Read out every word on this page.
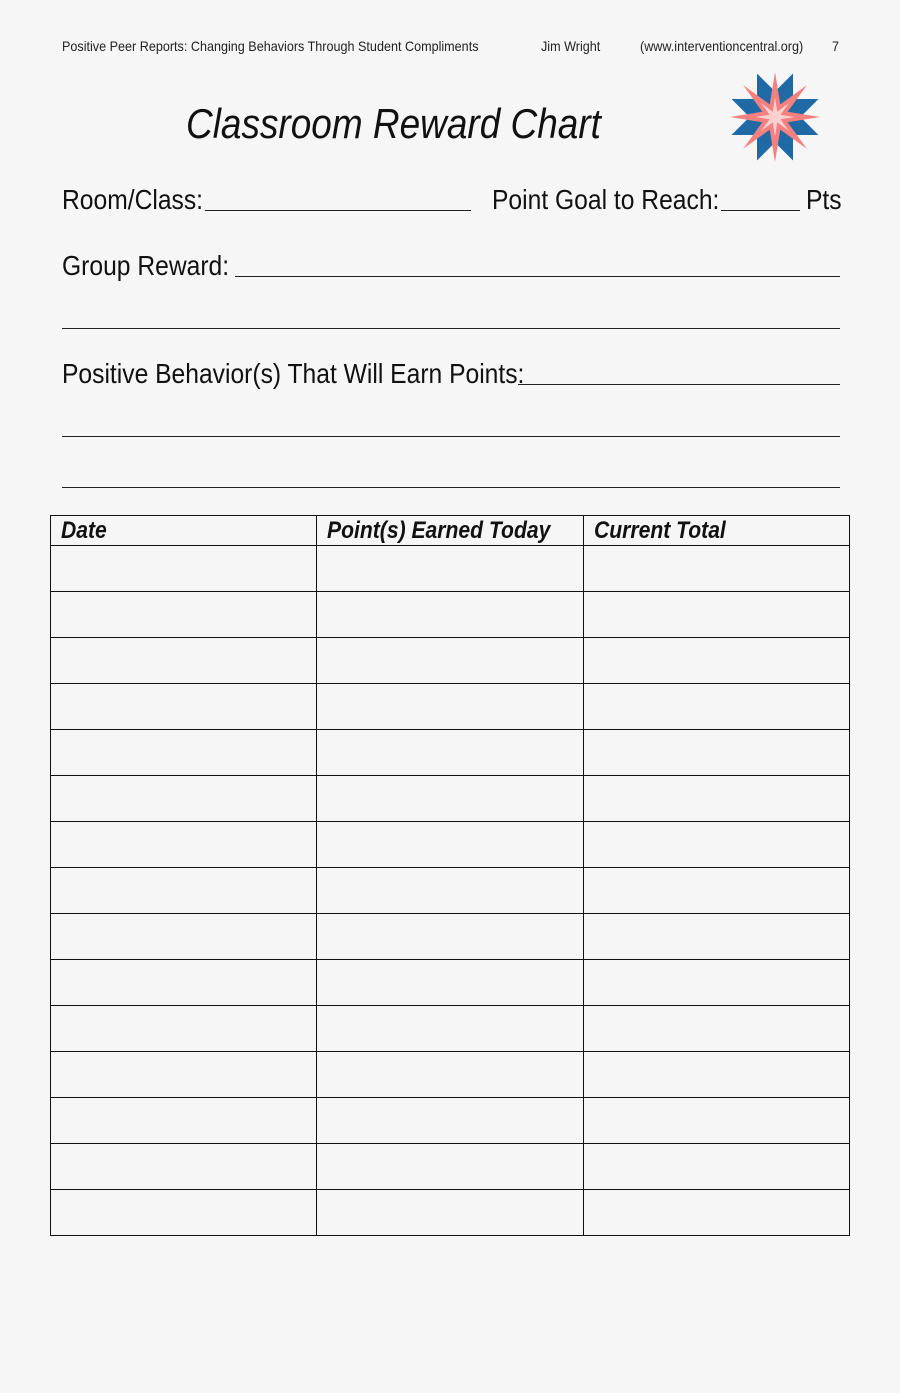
Positive Peer Reports: Changing Behaviors Through Student Compliments	Jim Wright	(www.interventioncentral.org) 7
Classroom Reward Chart
Room/Class:	Point Goal to Reach:	Pts
Group Reward:
Positive Behavior(s) That Will Earn Points:
Date	Point(s) Earned Today	Current Total
